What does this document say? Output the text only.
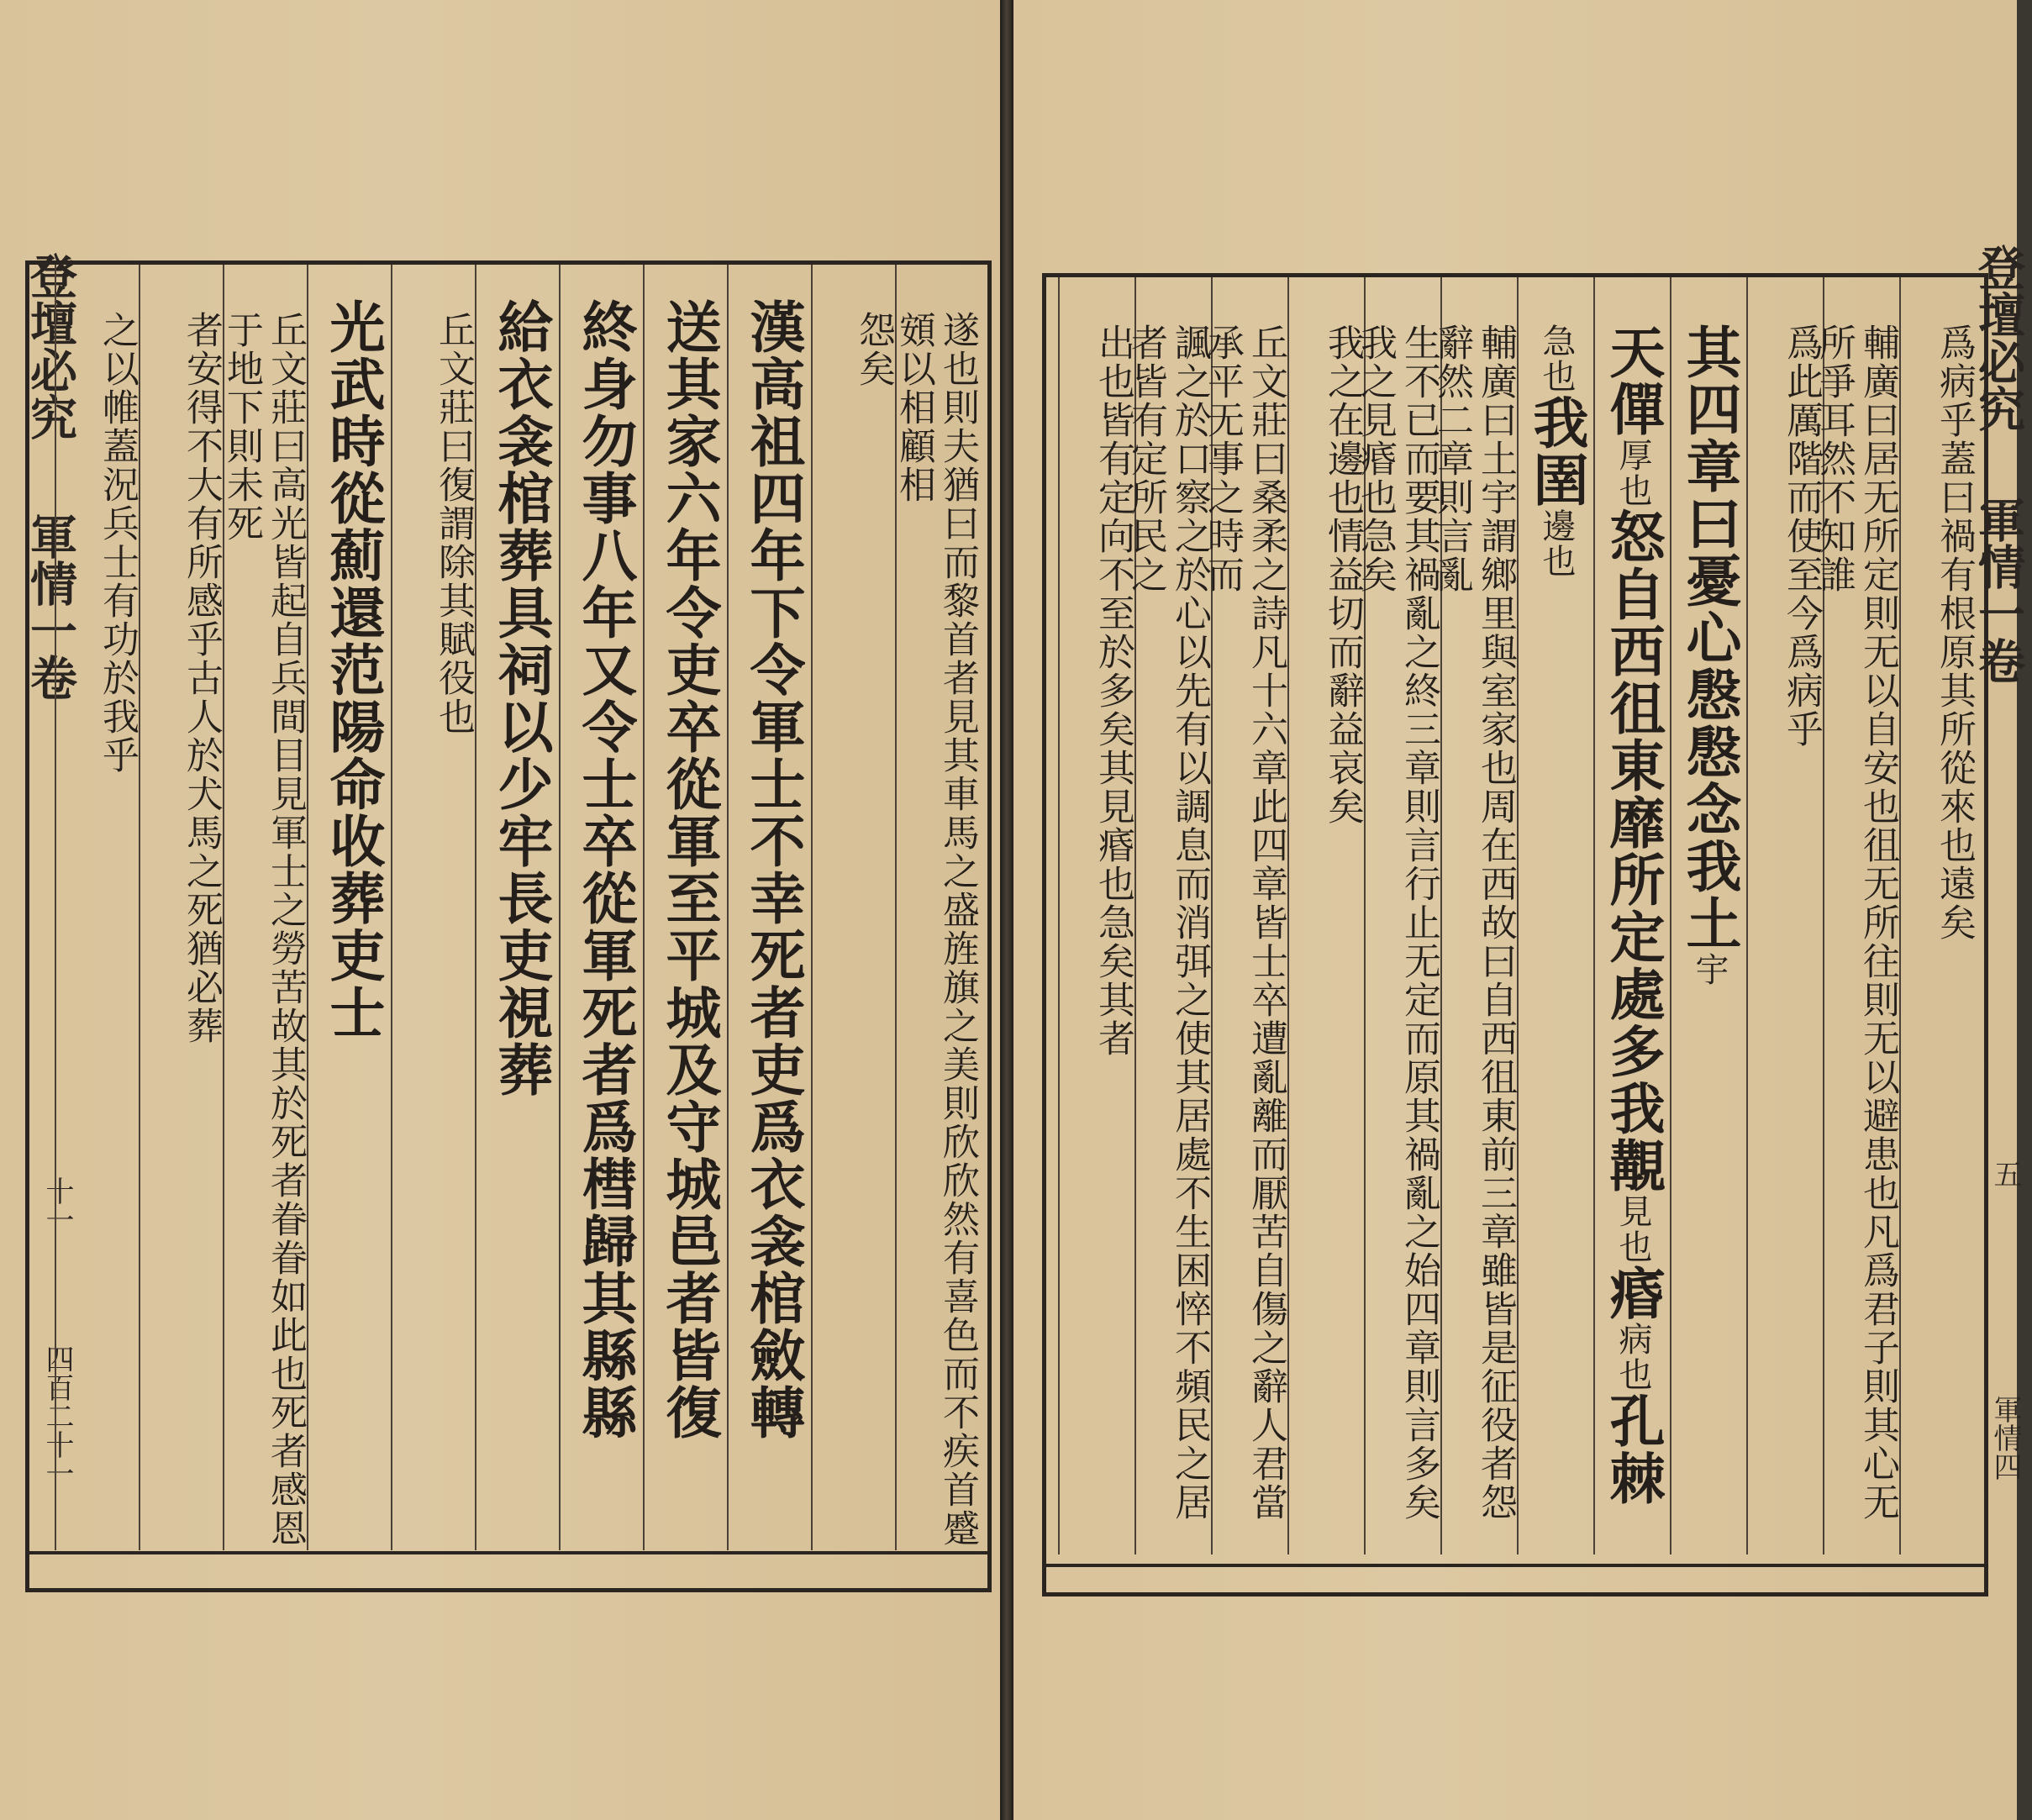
登壇必究
軍情一卷
十一
四百二十一	遂也則夫猶曰而黎首者見其車馬之盛旌旗之美則欣欣然有喜色而不疾首蹙頞以相顧相
怨矣
漢高祖四年下令軍士不幸死者吏爲衣衾棺斂轉
送其家六年令吏卒從軍至平城及守城邑者皆復
終身勿事八年又令士卒從軍死者爲槥歸其縣縣
給衣衾棺葬具祠以少牢長吏視葬
丘文莊曰復謂除其賦役也
光武時從薊還范陽命收葬吏士
丘文莊曰高光皆起自兵間目見軍士之勞苦故其於死者眷眷如此也死者感恩于地下則未死
者安得不大有所感乎古人於犬馬之死猶必葬
之以帷蓋況兵士有功於我乎	登壇必究
軍情一卷
五
軍情四
爲病乎蓋曰禍有根原其所從來也遠矣
輔廣曰居无所定則无以自安也徂无所往則无以避患也凡爲君子則其心无所爭耳然不知誰
爲此厲階而使至今爲病乎
其四章曰憂心慇慇念我土宇
天僤厚也怒自西徂東靡所定處多我覯見也痻病也孔棘
急也我圉邊也
輔廣曰土宇謂鄉里與室家也周在西故曰自西徂東前三章雖皆是征役者怨辭然二章則言亂
生不已而要其禍亂之終三章則言行止无定而原其禍亂之始四章則言多矣我之見痻也急矣
我之在邊也情益切而辭益哀矣
丘文莊曰桑柔之詩凡十六章此四章皆士卒遭亂離而厭苦自傷之辭人君當承平无事之時而
諷之於口察之於心以先有以調息而消弭之使其居處不生困悴不頻民之居者皆有定所民之
出也皆有定向不至於多矣其見痻也急矣其者
